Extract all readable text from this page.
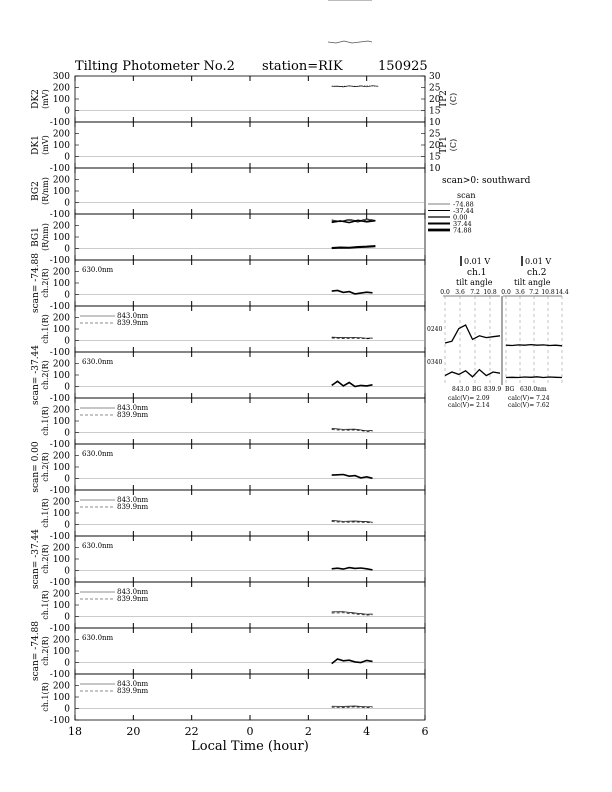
Tilting Photometer No.2 station=RIK	150925
300
200
100
0
-100
DK2 (mV)
30
25
20
15
10
TP2 (C)
200
100
0
-100
DK1 (mV)
25
20
15
10
TP1 (C)
200
100
0
-100
BG2 (R/nm)
200
100
0
-100
BG1 (R/nm)
200
100
0
-100
scan= -74.88 ch.2(R)	630.0nm
200
100
0
-100
ch.1(R)	843.0nm
839.9nm
200
100
0
-100
scan= -37.44 ch.2(R)	630.0nm
200
100
0
-100
ch.1(R)	843.0nm
839.9nm
200
100
0
-100
scan= 0.00 ch.2(R)	630.0nm
200
100
0
-100
ch.1(R)	843.0nm
839.9nm
200
100
0
-100
scan= -37.44 ch.2(R)	630.0nm
200
100
0
-100
ch.1(R)	843.0nm
839.9nm
200
100
0
-100
scan= -74.88 ch.2(R)	630.0nm
200
100
0
-100
ch.1(R)	843.0nm
839.9nm
18	20	22	0	2	4	6
Local Time (hour)
scan>0: southward
scan
-74.88
-37.44
0.00
37.44
74.88
0.01 V	0.01 V
ch.1	ch.2
tilt angle	tilt angle
0.0 3.6 7.2 10.8 0.0 3.6 7.2 10.8 14.4
0240
0340
843.0 BG 839.9 BG 630.0nm
calc(V)= 2.09
calc(V)= 2.14
calc(V)= 7.24
calc(V)= 7.62
